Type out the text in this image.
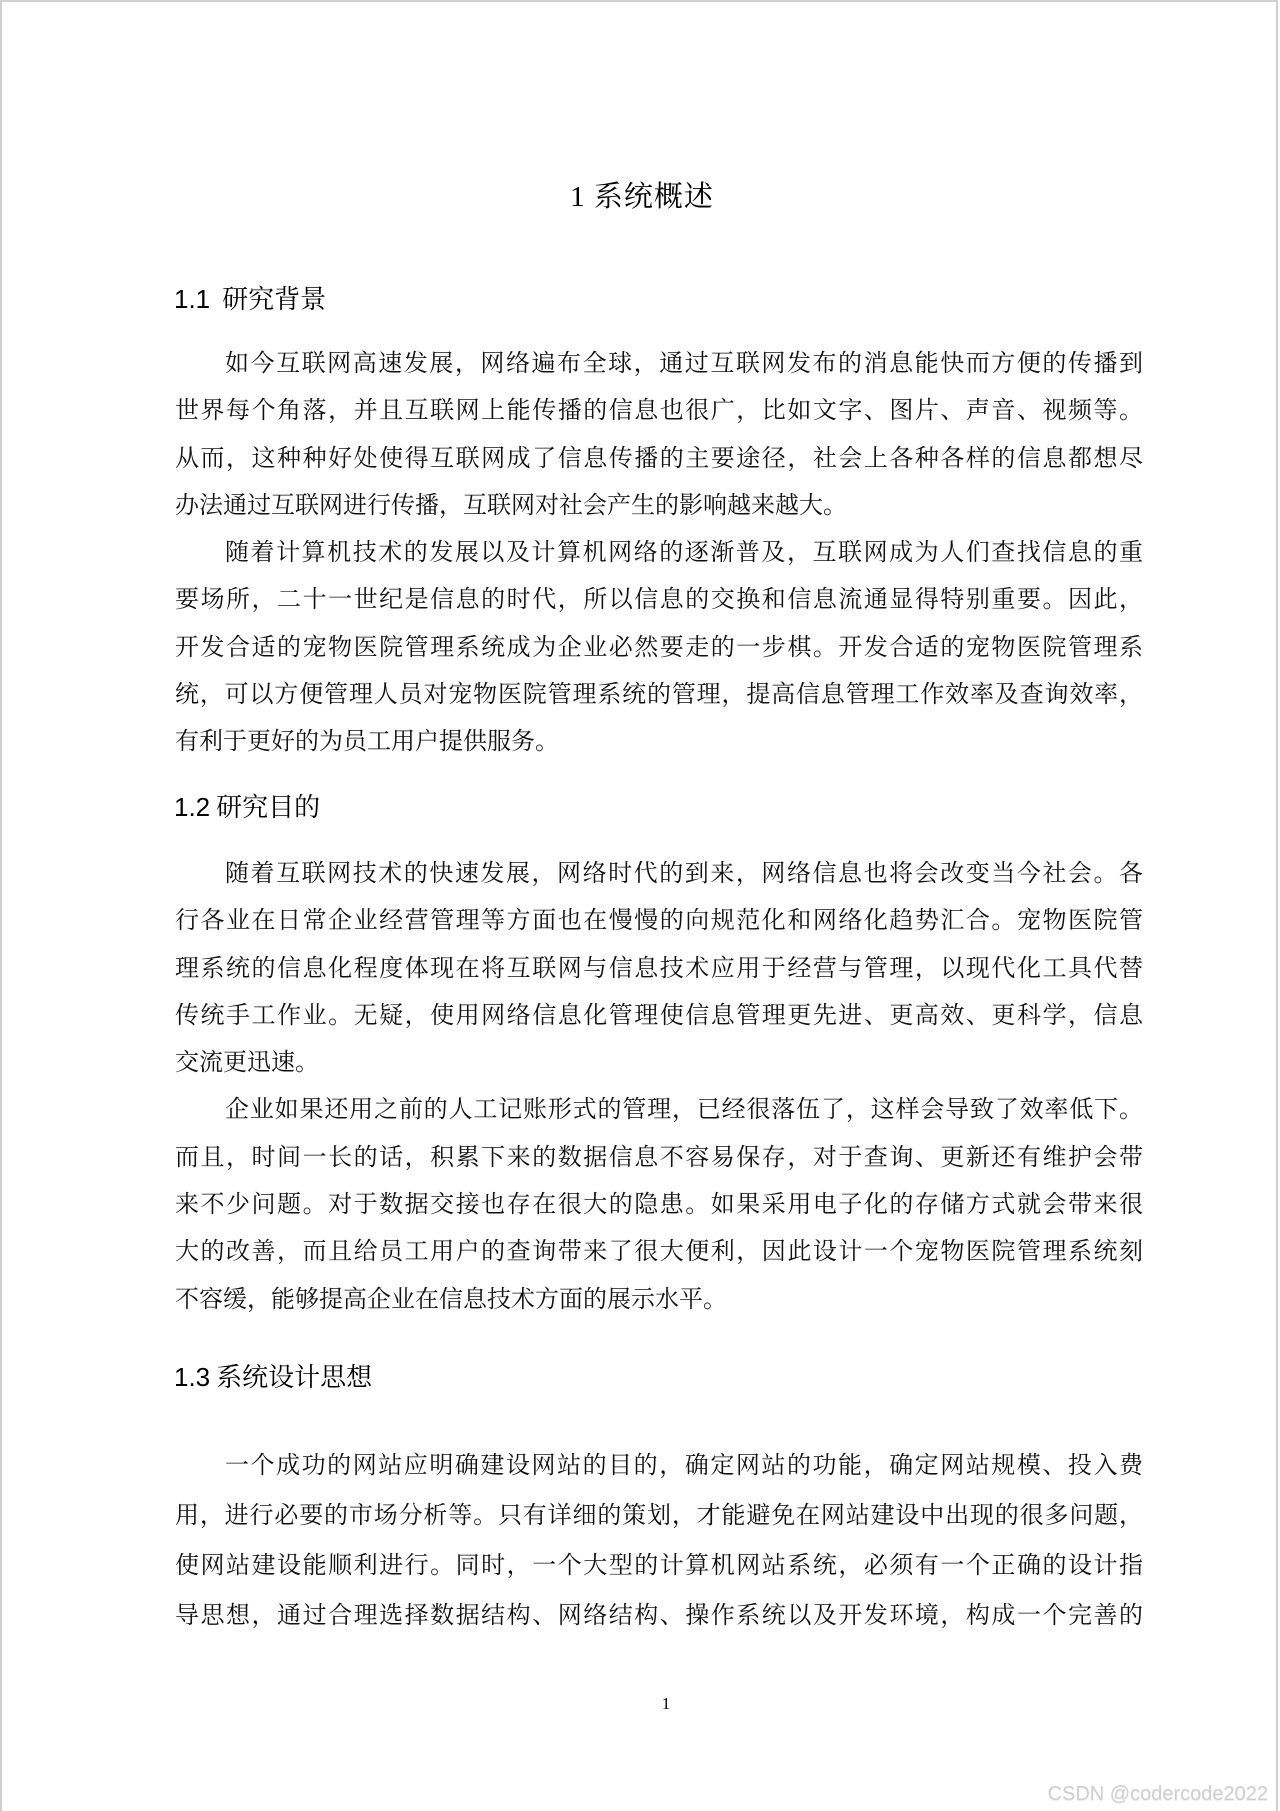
1 系统概述
1.1 研究背景
如今互联网高速发展，网络遍布全球，通过互联网发布的消息能快而方便的传播到
世界每个角落，并且互联网上能传播的信息也很广，比如文字、图片、声音、视频等。
从而，这种种好处使得互联网成了信息传播的主要途径，社会上各种各样的信息都想尽
办法通过互联网进行传播，互联网对社会产生的影响越来越大。
随着计算机技术的发展以及计算机网络的逐渐普及，互联网成为人们查找信息的重
要场所，二十一世纪是信息的时代，所以信息的交换和信息流通显得特别重要。因此，
开发合适的宠物医院管理系统成为企业必然要走的一步棋。开发合适的宠物医院管理系
统，可以方便管理人员对宠物医院管理系统的管理，提高信息管理工作效率及查询效率，
有利于更好的为员工用户提供服务。
1.2 研究目的
随着互联网技术的快速发展，网络时代的到来，网络信息也将会改变当今社会。各
行各业在日常企业经营管理等方面也在慢慢的向规范化和网络化趋势汇合。宠物医院管
理系统的信息化程度体现在将互联网与信息技术应用于经营与管理，以现代化工具代替
传统手工作业。无疑，使用网络信息化管理使信息管理更先进、更高效、更科学，信息
交流更迅速。
企业如果还用之前的人工记账形式的管理，已经很落伍了，这样会导致了效率低下。
而且，时间一长的话，积累下来的数据信息不容易保存，对于查询、更新还有维护会带
来不少问题。对于数据交接也存在很大的隐患。如果采用电子化的存储方式就会带来很
大的改善，而且给员工用户的查询带来了很大便利，因此设计一个宠物医院管理系统刻
不容缓，能够提高企业在信息技术方面的展示水平。
1.3 系统设计思想
一个成功的网站应明确建设网站的目的，确定网站的功能，确定网站规模、投入费
用，进行必要的市场分析等。只有详细的策划，才能避免在网站建设中出现的很多问题，
使网站建设能顺利进行。同时，一个大型的计算机网站系统，必须有一个正确的设计指
导思想，通过合理选择数据结构、网络结构、操作系统以及开发环境，构成一个完善的
1
CSDN @codercode2022
